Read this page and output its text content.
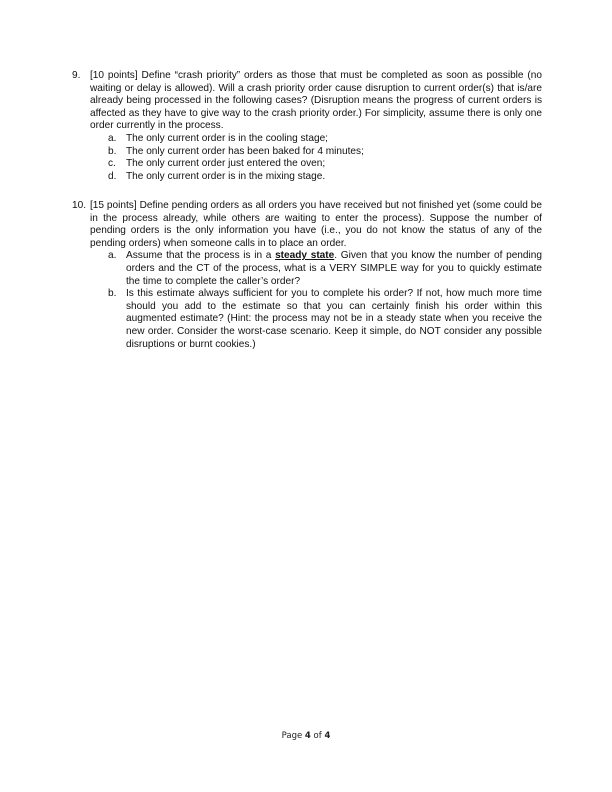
9. [10 points] Define “crash priority” orders as those that must be completed as soon as possible (no waiting or delay is allowed). Will a crash priority order cause disruption to current order(s) that is/are already being processed in the following cases? (Disruption means the progress of current orders is affected as they have to give way to the crash priority order.) For simplicity, assume there is only one order currently in the process.
a. The only current order is in the cooling stage;
b. The only current order has been baked for 4 minutes;
c. The only current order just entered the oven;
d. The only current order is in the mixing stage.
10. [15 points] Define pending orders as all orders you have received but not finished yet (some could be in the process already, while others are waiting to enter the process). Suppose the number of pending orders is the only information you have (i.e., you do not know the status of any of the pending orders) when someone calls in to place an order.
a. Assume that the process is in a steady state. Given that you know the number of pending orders and the CT of the process, what is a VERY SIMPLE way for you to quickly estimate the time to complete the caller’s order?
b. Is this estimate always sufficient for you to complete his order? If not, how much more time should you add to the estimate so that you can certainly finish his order within this augmented estimate? (Hint: the process may not be in a steady state when you receive the new order. Consider the worst-case scenario. Keep it simple, do NOT consider any possible disruptions or burnt cookies.)
Page 4 of 4
